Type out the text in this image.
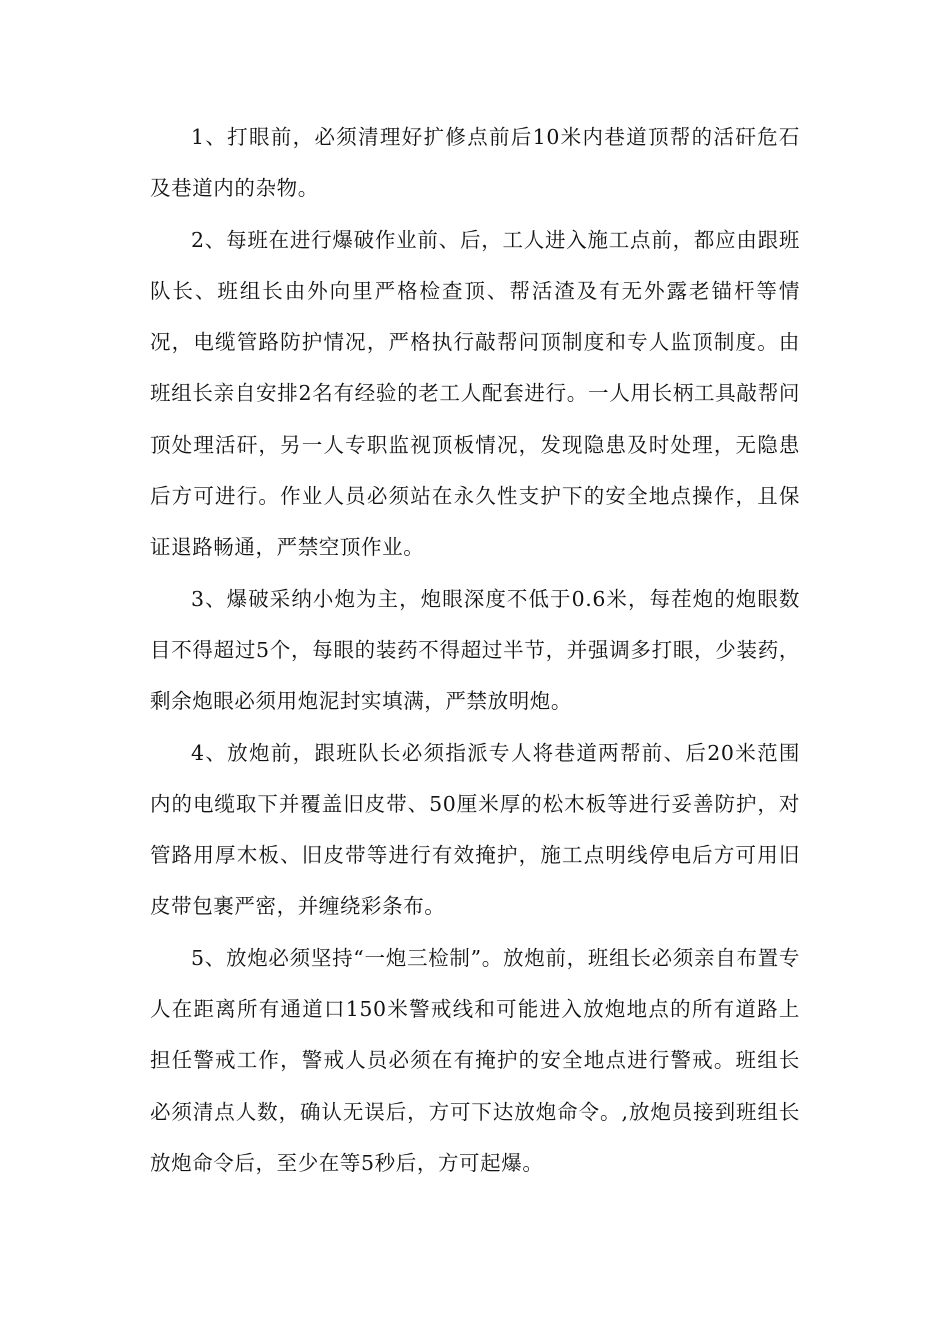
1、打眼前，必须清理好扩修点前后10米内巷道顶帮的活矸危石及巷道内的杂物。

2、每班在进行爆破作业前、后，工人进入施工点前，都应由跟班队长、班组长由外向里严格检查顶、帮活渣及有无外露老锚杆等情况，电缆管路防护情况，严格执行敲帮问顶制度和专人监顶制度。由班组长亲自安排2名有经验的老工人配套进行。一人用长柄工具敲帮问顶处理活矸，另一人专职监视顶板情况，发现隐患及时处理，无隐患后方可进行。作业人员必须站在永久性支护下的安全地点操作，且保证退路畅通，严禁空顶作业。

3、爆破采纳小炮为主，炮眼深度不低于0.6米，每茬炮的炮眼数目不得超过5个，每眼的装药不得超过半节，并强调多打眼，少装药，剩余炮眼必须用炮泥封实填满，严禁放明炮。

4、放炮前，跟班队长必须指派专人将巷道两帮前、后20米范围内的电缆取下并覆盖旧皮带、50厘米厚的松木板等进行妥善防护，对管路用厚木板、旧皮带等进行有效掩护，施工点明线停电后方可用旧皮带包裹严密，并缠绕彩条布。

5、放炮必须坚持“一炮三检制”。放炮前，班组长必须亲自布置专人在距离所有通道口150米警戒线和可能进入放炮地点的所有道路上担任警戒工作，警戒人员必须在有掩护的安全地点进行警戒。班组长必须清点人数，确认无误后，方可下达放炮命令。,放炮员接到班组长放炮命令后，至少在等5秒后，方可起爆。
